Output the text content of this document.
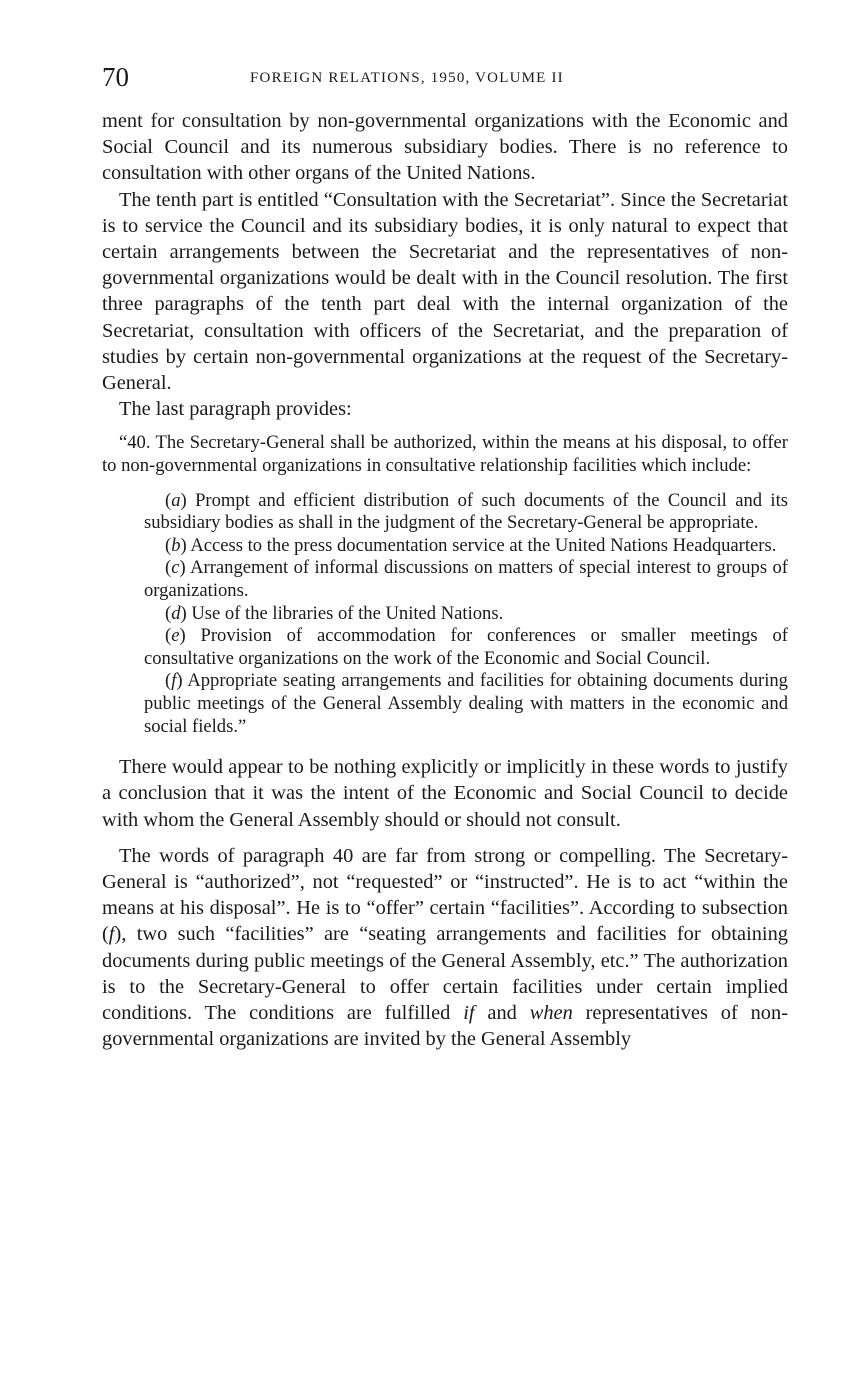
70	FOREIGN RELATIONS, 1950, VOLUME II

ment for consultation by non-governmental organizations with the Economic and Social Council and its numerous subsidiary bodies. There is no reference to consultation with other organs of the United Nations.

The tenth part is entitled “Consultation with the Secretariat”. Since the Secretariat is to service the Council and its subsidiary bodies, it is only natural to expect that certain arrangements between the Secretariat and the representatives of non-governmental organizations would be dealt with in the Council resolution. The first three paragraphs of the tenth part deal with the internal organization of the Secretariat, consultation with officers of the Secretariat, and the preparation of studies by certain non-governmental organizations at the request of the Secretary-General.

The last paragraph provides:

“40. The Secretary-General shall be authorized, within the means at his disposal, to offer to non-governmental organizations in consultative relationship facilities which include:

(a) Prompt and efficient distribution of such documents of the Council and its subsidiary bodies as shall in the judgment of the Secretary-General be appropriate.

(b) Access to the press documentation service at the United Nations Headquarters.

(c) Arrangement of informal discussions on matters of special interest to groups of organizations.

(d) Use of the libraries of the United Nations.

(e) Provision of accommodation for conferences or smaller meetings of consultative organizations on the work of the Economic and Social Council.

(f) Appropriate seating arrangements and facilities for obtaining documents during public meetings of the General Assembly dealing with matters in the economic and social fields.”

There would appear to be nothing explicitly or implicitly in these words to justify a conclusion that it was the intent of the Economic and Social Council to decide with whom the General Assembly should or should not consult.

The words of paragraph 40 are far from strong or compelling. The Secretary-General is “authorized”, not “requested” or “instructed”. He is to act “within the means at his disposal”. He is to “offer” certain “facilities”. According to subsection (f), two such “facilities” are “seating arrangements and facilities for obtaining documents during public meetings of the General Assembly, etc.” The authorization is to the Secretary-General to offer certain facilities under certain implied conditions. The conditions are fulfilled if and when representatives of non-governmental organizations are invited by the General Assembly
